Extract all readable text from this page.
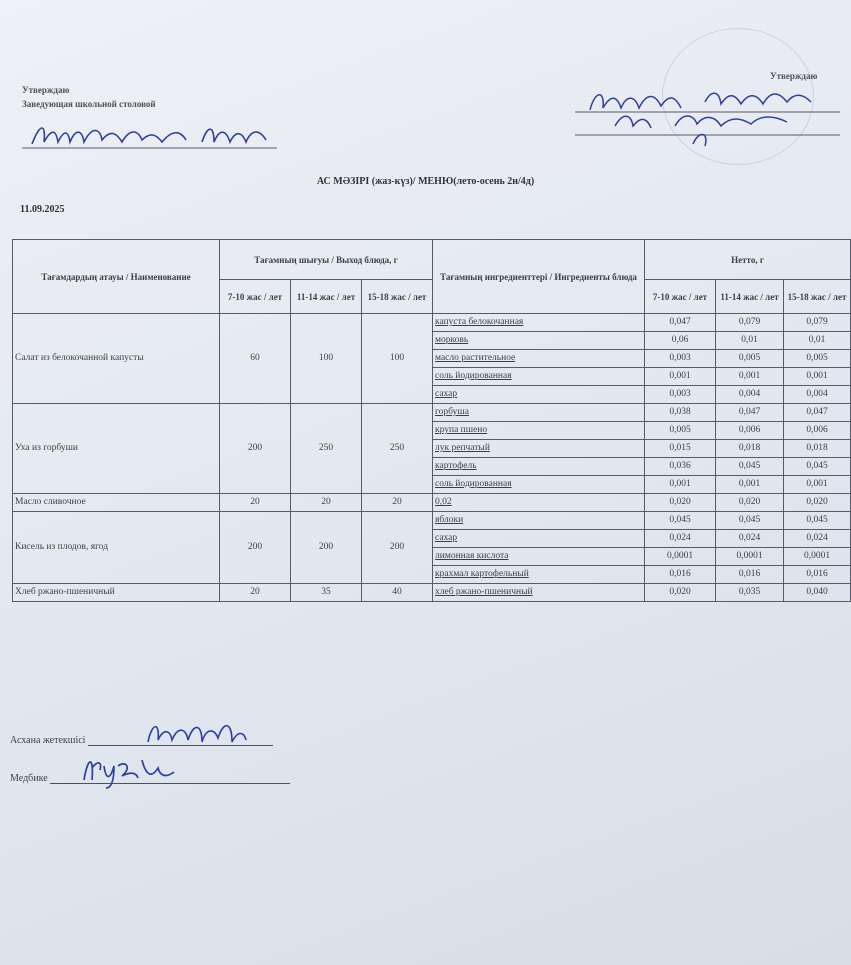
Утверждаю
Заведующая школьной столовой
Утверждаю
АС МӘЗІРІ (жаз-күз)/ МЕНЮ(лето-осень 2н/4д)
11.09.2025
Тағамдардың атауы / Наименование	Тағамның шығуы / Выход блюда, г			Тағамның ингредиенттері / Ингредиенты блюда	Нетто, г		
	7-10 жас / лет	11-14 жас / лет	15-18 жас / лет		7-10 жас / лет	11-14 жас / лет	15-18 жас / лет
Салат из белокочанной капусты	60	100	100	капуста белокочанная	0,047	0,079	0,079
				морковь	0,06	0,01	0,01
				масло растительное	0,003	0,005	0,005
				соль йодированная	0,001	0,001	0,001
				сахар	0,003	0,004	0,004
Уха из горбуши	200	250	250	горбуша	0,038	0,047	0,047
				крупа пшено	0,005	0,006	0,006
				лук репчатый	0,015	0,018	0,018
				картофель	0,036	0,045	0,045
				соль йодированная	0,001	0,001	0,001
Масло сливочное	20	20	20	0,02	0,020	0,020	0,020
Кисель из плодов, ягод	200	200	200	яблоки	0,045	0,045	0,045
				сахар	0,024	0,024	0,024
				лимонная кислота	0,0001	0,0001	0,0001
				крахмал картофельный	0,016	0,016	0,016
Хлеб ржано-пшеничный	20	35	40	хлеб ржано-пшеничный	0,020	0,035	0,040
Асхана жетекшісі
Медбике
